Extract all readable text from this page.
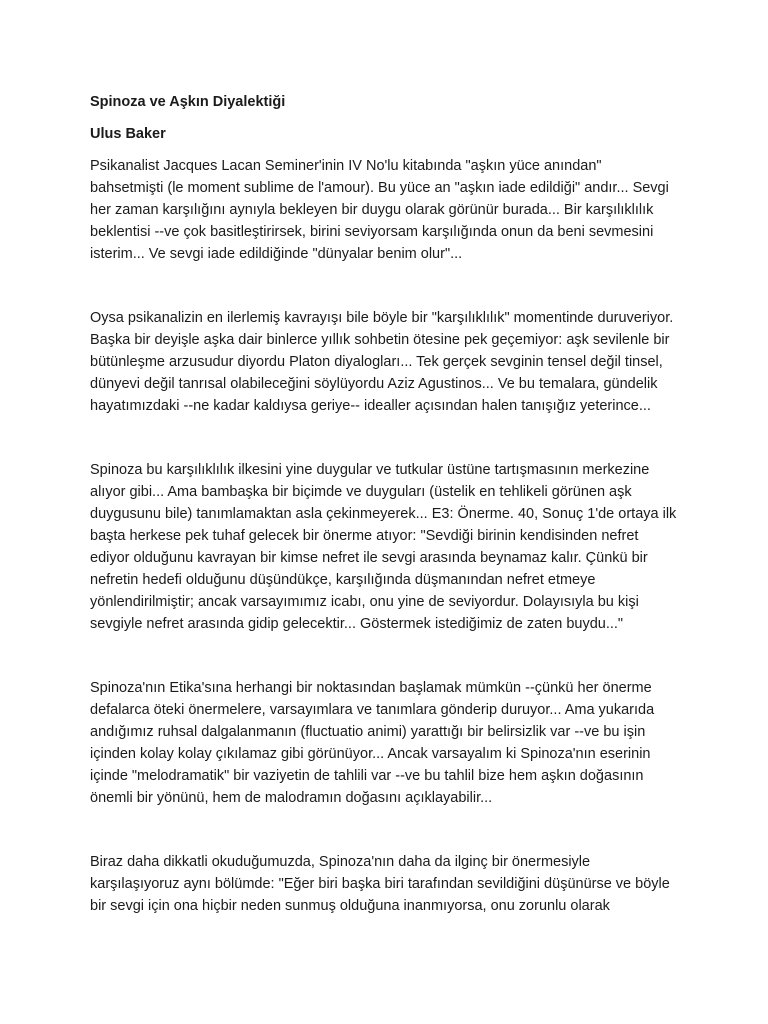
Spinoza ve Aşkın Diyalektiği
Ulus Baker
Psikanalist Jacques Lacan Seminer'inin IV No'lu kitabında "aşkın yüce anından"
bahsetmişti (le moment sublime de l'amour). Bu yüce an "aşkın iade edildiği" andır... Sevgi
her zaman karşılığını aynıyla bekleyen bir duygu olarak görünür burada... Bir karşılıklılık
beklentisi --ve çok basitleştirirsek, birini seviyorsam karşılığında onun da beni sevmesini
isterim... Ve sevgi iade edildiğinde "dünyalar benim olur"...
Oysa psikanalizin en ilerlemiş kavrayışı bile böyle bir "karşılıklılık" momentinde duruveriyor.
Başka bir deyişle aşka dair binlerce yıllık sohbetin ötesine pek geçemiyor: aşk sevilenle bir
bütünleşme arzusudur diyordu Platon diyalogları... Tek gerçek sevginin tensel değil tinsel,
dünyevi değil tanrısal olabileceğini söylüyordu Aziz Agustinos... Ve bu temalara, gündelik
hayatımızdaki --ne kadar kaldıysa geriye-- idealler açısından halen tanışığız yeterince...
Spinoza bu karşılıklılık ilkesini yine duygular ve tutkular üstüne tartışmasının merkezine
alıyor gibi... Ama bambaşka bir biçimde ve duyguları (üstelik en tehlikeli görünen aşk
duygusunu bile) tanımlamaktan asla çekinmeyerek... E3: Önerme. 40, Sonuç 1'de ortaya ilk
başta herkese pek tuhaf gelecek bir önerme atıyor: "Sevdiği birinin kendisinden nefret
ediyor olduğunu kavrayan bir kimse nefret ile sevgi arasında beynamaz kalır. Çünkü bir
nefretin hedefi olduğunu düşündükçe, karşılığında düşmanından nefret etmeye
yönlendirilmiştir; ancak varsayımımız icabı, onu yine de seviyordur. Dolayısıyla bu kişi
sevgiyle nefret arasında gidip gelecektir... Göstermek istediğimiz de zaten buydu..."
Spinoza'nın Etika'sına herhangi bir noktasından başlamak mümkün --çünkü her önerme
defalarca öteki önermelere, varsayımlara ve tanımlara gönderip duruyor... Ama yukarıda
andığımız ruhsal dalgalanmanın (fluctuatio animi) yarattığı bir belirsizlik var --ve bu işin
içinden kolay kolay çıkılamaz gibi görünüyor... Ancak varsayalım ki Spinoza'nın eserinin
içinde "melodramatik" bir vaziyetin de tahlili var --ve bu tahlil bize hem aşkın doğasının
önemli bir yönünü, hem de malodramın doğasını açıklayabilir...
Biraz daha dikkatli okuduğumuzda, Spinoza'nın daha da ilginç bir önermesiyle
karşılaşıyoruz aynı bölümde: "Eğer biri başka biri tarafından sevildiğini düşünürse ve böyle
bir sevgi için ona hiçbir neden sunmuş olduğuna inanmıyorsa, onu zorunlu olarak
